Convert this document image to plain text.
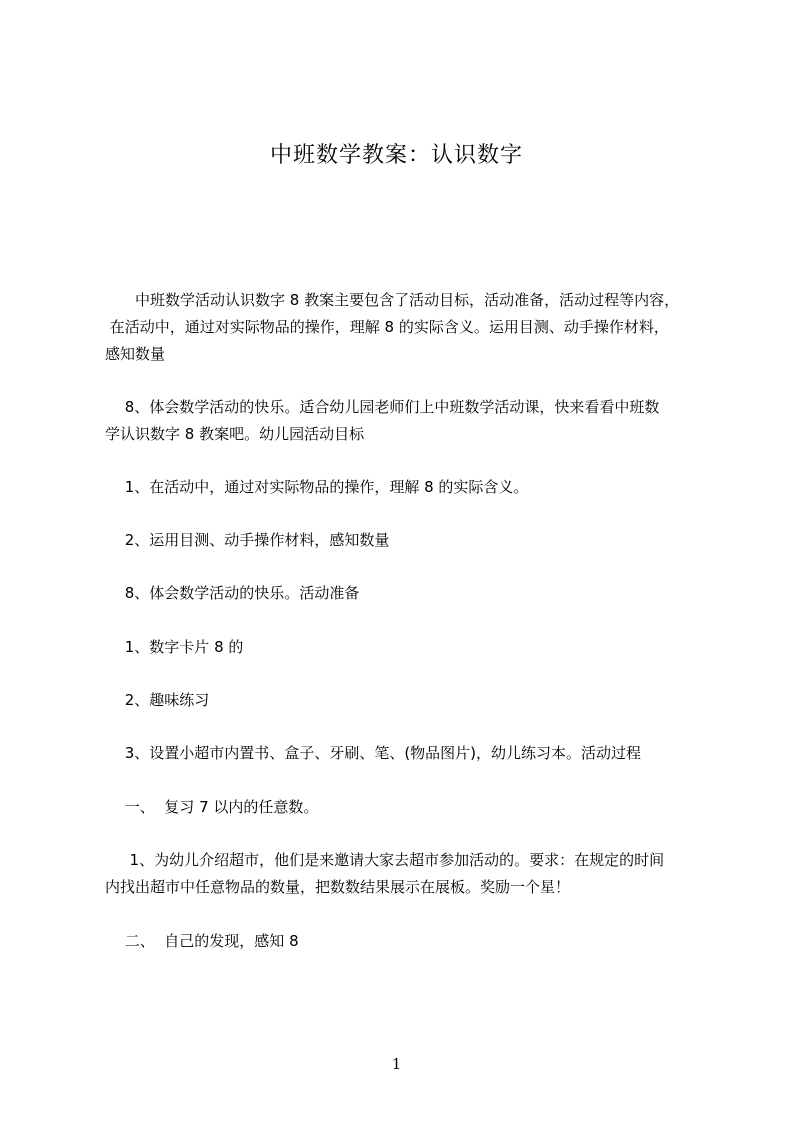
中班数学教案：认识数字

　　中班数学活动认识数字 8 教案主要包含了活动目标，活动准备，活动过程等内容，
在活动中，通过对实际物品的操作，理解 8 的实际含义。运用目测、动手操作材料，
感知数量

　 8、体会数学活动的快乐。适合幼儿园老师们上中班数学活动课，快来看看中班数
学认识数字 8 教案吧。幼儿园活动目标

　 1、在活动中，通过对实际物品的操作，理解 8 的实际含义。

　 2、运用目测、动手操作材料，感知数量

　 8、体会数学活动的快乐。活动准备

　 1、数字卡片 8 的

　 2、趣味练习

　 3、设置小超市内置书、盒子、牙刷、笔、(物品图片)，幼儿练习本。活动过程

　 一、  复习 7 以内的任意数。

　  1、为幼儿介绍超市，他们是来邀请大家去超市参加活动的。要求：在规定的时间
内找出超市中任意物品的数量，把数数结果展示在展板。奖励一个星！

　 二、  自己的发现，感知 8

1
